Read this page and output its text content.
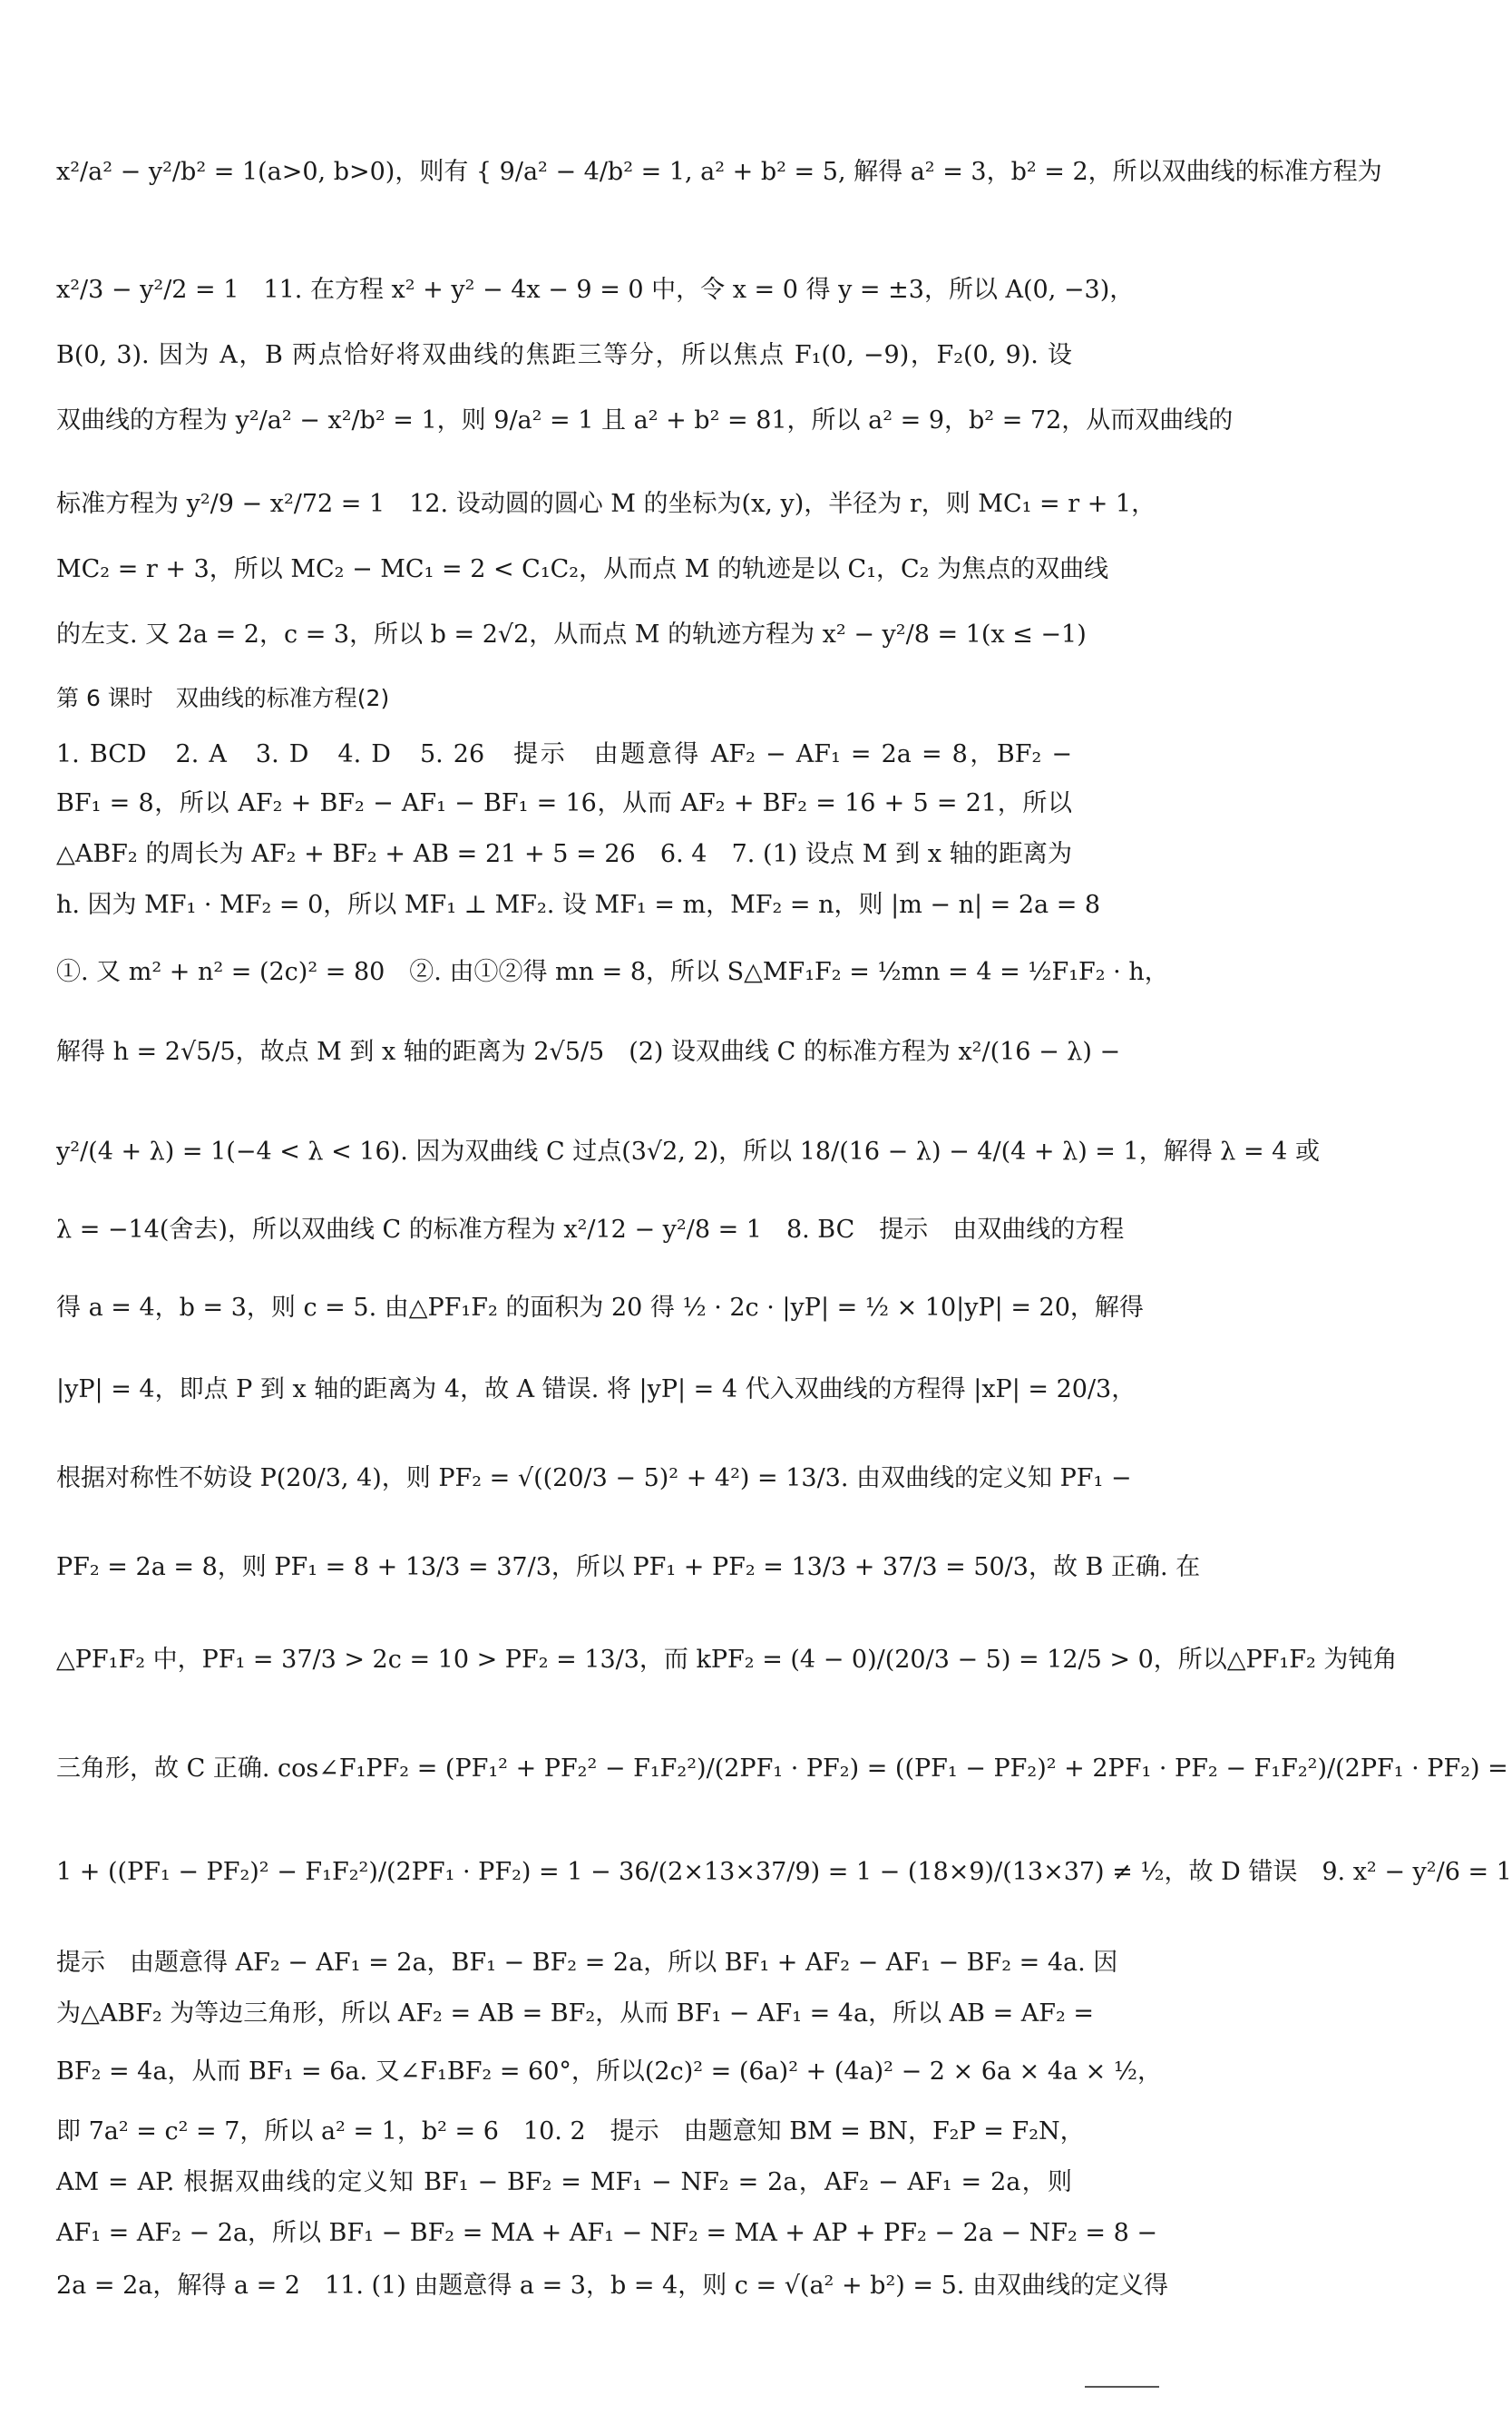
x²/a² − y²/b² = 1(a>0, b>0)，则有 { 9/a² − 4/b² = 1, a² + b² = 5, 解得 a² = 3，b² = 2，所以双曲线的标准方程为
x²/3 − y²/2 = 1　11. 在方程 x² + y² − 4x − 9 = 0 中，令 x = 0 得 y = ±3，所以 A(0, −3)，
B(0, 3). 因为 A，B 两点恰好将双曲线的焦距三等分，所以焦点 F₁(0, −9)，F₂(0, 9). 设
双曲线的方程为 y²/a² − x²/b² = 1，则 9/a² = 1 且 a² + b² = 81，所以 a² = 9，b² = 72，从而双曲线的
标准方程为 y²/9 − x²/72 = 1　12. 设动圆的圆心 M 的坐标为(x, y)，半径为 r，则 MC₁ = r + 1，
MC₂ = r + 3，所以 MC₂ − MC₁ = 2 < C₁C₂，从而点 M 的轨迹是以 C₁，C₂ 为焦点的双曲线
的左支. 又 2a = 2，c = 3，所以 b = 2√2，从而点 M 的轨迹方程为 x² − y²/8 = 1(x ≤ −1)
第 6 课时　双曲线的标准方程(2)
1. BCD　2. A　3. D　4. D　5. 26　提示　由题意得 AF₂ − AF₁ = 2a = 8，BF₂ −
BF₁ = 8，所以 AF₂ + BF₂ − AF₁ − BF₁ = 16，从而 AF₂ + BF₂ = 16 + 5 = 21，所以
△ABF₂ 的周长为 AF₂ + BF₂ + AB = 21 + 5 = 26　6. 4　7. (1) 设点 M 到 x 轴的距离为
h. 因为 MF₁ · MF₂ = 0，所以 MF₁ ⊥ MF₂. 设 MF₁ = m，MF₂ = n，则 |m − n| = 2a = 8
①. 又 m² + n² = (2c)² = 80　②. 由①②得 mn = 8，所以 S△MF₁F₂ = ½mn = 4 = ½F₁F₂ · h，
解得 h = 2√5/5，故点 M 到 x 轴的距离为 2√5/5　(2) 设双曲线 C 的标准方程为 x²/(16 − λ) −
y²/(4 + λ) = 1(−4 < λ < 16). 因为双曲线 C 过点(3√2, 2)，所以 18/(16 − λ) − 4/(4 + λ) = 1，解得 λ = 4 或
λ = −14(舍去)，所以双曲线 C 的标准方程为 x²/12 − y²/8 = 1　8. BC　提示　由双曲线的方程
得 a = 4，b = 3，则 c = 5. 由△PF₁F₂ 的面积为 20 得 ½ · 2c · |yP| = ½ × 10|yP| = 20，解得
|yP| = 4，即点 P 到 x 轴的距离为 4，故 A 错误. 将 |yP| = 4 代入双曲线的方程得 |xP| = 20/3，
根据对称性不妨设 P(20/3, 4)，则 PF₂ = √((20/3 − 5)² + 4²) = 13/3. 由双曲线的定义知 PF₁ −
PF₂ = 2a = 8，则 PF₁ = 8 + 13/3 = 37/3，所以 PF₁ + PF₂ = 13/3 + 37/3 = 50/3，故 B 正确. 在
△PF₁F₂ 中，PF₁ = 37/3 > 2c = 10 > PF₂ = 13/3，而 kPF₂ = (4 − 0)/(20/3 − 5) = 12/5 > 0，所以△PF₁F₂ 为钝角
三角形，故 C 正确. cos∠F₁PF₂ = (PF₁² + PF₂² − F₁F₂²)/(2PF₁ · PF₂) = ((PF₁ − PF₂)² + 2PF₁ · PF₂ − F₁F₂²)/(2PF₁ · PF₂) =
1 + ((PF₁ − PF₂)² − F₁F₂²)/(2PF₁ · PF₂) = 1 − 36/(2×13×37/9) = 1 − (18×9)/(13×37) ≠ ½，故 D 错误　9. x² − y²/6 = 1
提示　由题意得 AF₂ − AF₁ = 2a，BF₁ − BF₂ = 2a，所以 BF₁ + AF₂ − AF₁ − BF₂ = 4a. 因
为△ABF₂ 为等边三角形，所以 AF₂ = AB = BF₂，从而 BF₁ − AF₁ = 4a，所以 AB = AF₂ =
BF₂ = 4a，从而 BF₁ = 6a. 又∠F₁BF₂ = 60°，所以(2c)² = (6a)² + (4a)² − 2 × 6a × 4a × ½，
即 7a² = c² = 7，所以 a² = 1，b² = 6　10. 2　提示　由题意知 BM = BN，F₂P = F₂N，
AM = AP. 根据双曲线的定义知 BF₁ − BF₂ = MF₁ − NF₂ = 2a，AF₂ − AF₁ = 2a，则
AF₁ = AF₂ − 2a，所以 BF₁ − BF₂ = MA + AF₁ − NF₂ = MA + AP + PF₂ − 2a − NF₂ = 8 −
2a = 2a，解得 a = 2　11. (1) 由题意得 a = 3，b = 4，则 c = √(a² + b²) = 5. 由双曲线的定义得
